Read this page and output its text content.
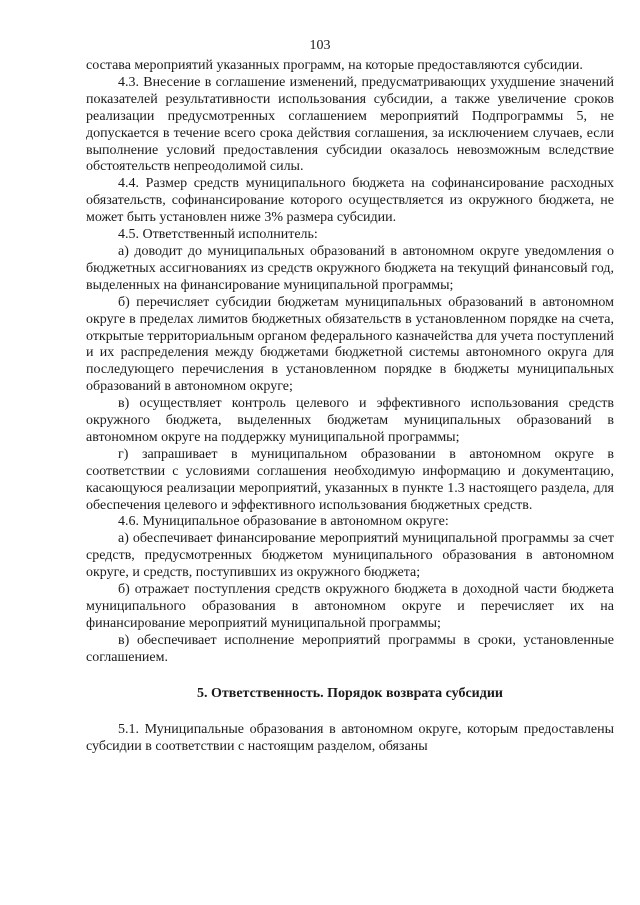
103

состава мероприятий указанных программ, на которые предоставляются субсидии.

4.3. Внесение в соглашение изменений, предусматривающих ухудшение значений показателей результативности использования субсидии, а также увеличение сроков реализации предусмотренных соглашением мероприятий Подпрограммы 5, не допускается в течение всего срока действия соглашения, за исключением случаев, если выполнение условий предоставления субсидии оказалось невозможным вследствие обстоятельств непреодолимой силы.

4.4. Размер средств муниципального бюджета на софинансирование расходных обязательств, софинансирование которого осуществляется из окружного бюджета, не может быть установлен ниже 3% размера субсидии.

4.5. Ответственный исполнитель:

а) доводит до муниципальных образований в автономном округе уведомления о бюджетных ассигнованиях из средств окружного бюджета на текущий финансовый год, выделенных на финансирование муниципальной программы;

б) перечисляет субсидии бюджетам муниципальных образований в автономном округе в пределах лимитов бюджетных обязательств в установленном порядке на счета, открытые территориальным органом федерального казначейства для учета поступлений и их распределения между бюджетами бюджетной системы автономного округа для последующего перечисления в установленном порядке в бюджеты муниципальных образований в автономном округе;

в) осуществляет контроль целевого и эффективного использования средств окружного бюджета, выделенных бюджетам муниципальных образований в автономном округе на поддержку муниципальной программы;

г) запрашивает в муниципальном образовании в автономном округе в соответствии с условиями соглашения необходимую информацию и документацию, касающуюся реализации мероприятий, указанных в пункте 1.3 настоящего раздела, для обеспечения целевого и эффективного использования бюджетных средств.

4.6. Муниципальное образование в автономном округе:

а) обеспечивает финансирование мероприятий муниципальной программы за счет средств, предусмотренных бюджетом муниципального образования в автономном округе, и средств, поступивших из окружного бюджета;

б) отражает поступления средств окружного бюджета в доходной части бюджета муниципального образования в автономном округе и перечисляет их на финансирование мероприятий муниципальной программы;

в) обеспечивает исполнение мероприятий программы в сроки, установленные соглашением.

5. Ответственность. Порядок возврата субсидии

5.1. Муниципальные образования в автономном округе, которым предоставлены субсидии в соответствии с настоящим разделом, обязаны
